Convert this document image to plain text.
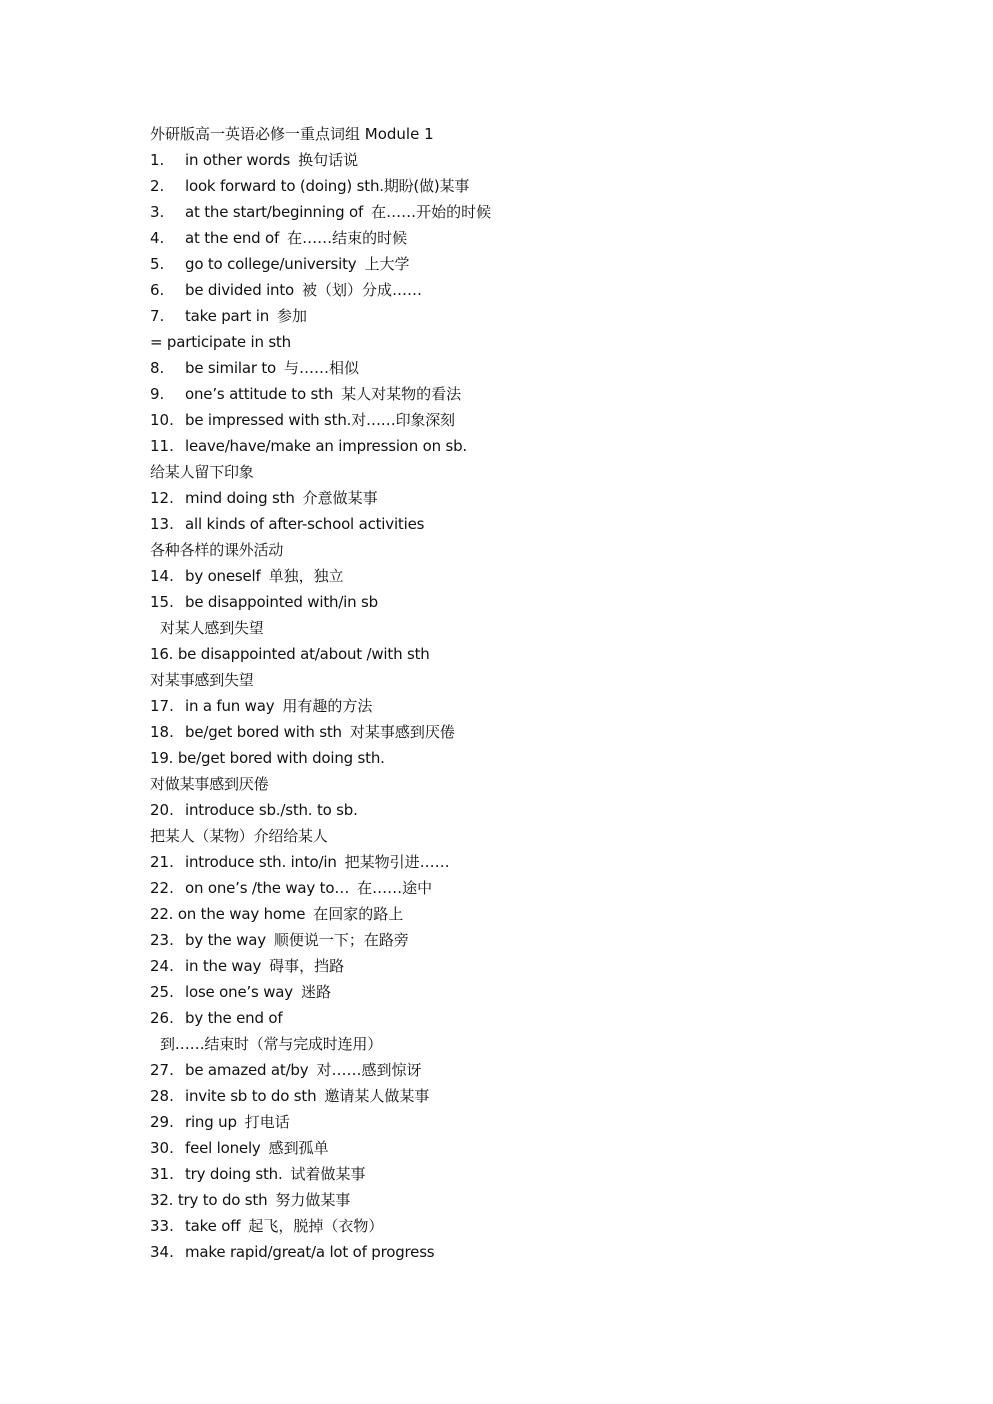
外研版高一英语必修一重点词组 Module 1
1. in other words 换句话说
2. look forward to (doing) sth.期盼(做)某事
3. at the start/beginning of 在……开始的时候
4. at the end of 在……结束的时候
5. go to college/university 上大学
6. be divided into 被（划）分成……
7. take part in 参加
= participate in sth
8. be similar to 与……相似
9. one’s attitude to sth 某人对某物的看法
10. be impressed with sth.对……印象深刻
11. leave/have/make an impression on sb.
给某人留下印象
12. mind doing sth 介意做某事
13. all kinds of after-school activities
各种各样的课外活动
14. by oneself 单独，独立
15. be disappointed with/in sb
对某人感到失望
16. be disappointed at/about /with sth
对某事感到失望
17. in a fun way 用有趣的方法
18. be/get bored with sth 对某事感到厌倦
19. be/get bored with doing sth.
对做某事感到厌倦
20. introduce sb./sth. to sb.
把某人（某物）介绍给某人
21. introduce sth. into/in 把某物引进……
22. on one’s /the way to… 在……途中
22. on the way home 在回家的路上
23. by the way 顺便说一下；在路旁
24. in the way 碍事，挡路
25. lose one’s way 迷路
26. by the end of
到……结束时（常与完成时连用）
27. be amazed at/by 对……感到惊讶
28. invite sb to do sth 邀请某人做某事
29. ring up 打电话
30. feel lonely 感到孤单
31. try doing sth. 试着做某事
32. try to do sth 努力做某事
33. take off 起飞，脱掉（衣物）
34. make rapid/great/a lot of progress
